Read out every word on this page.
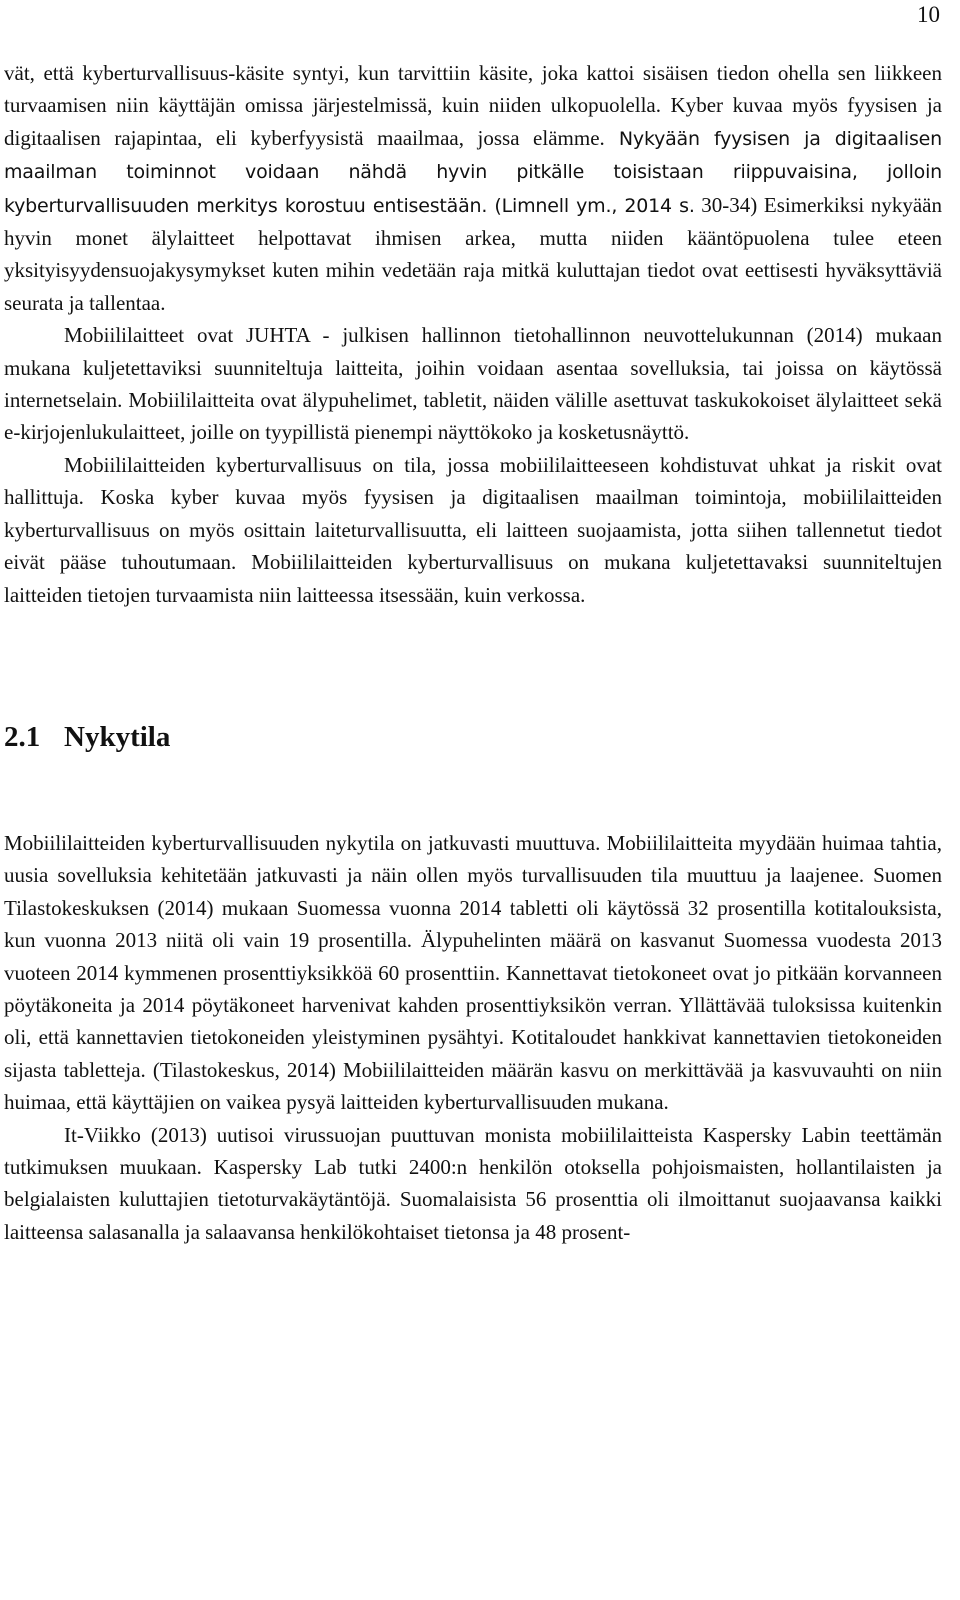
10

vät, että kyberturvallisuus-käsite syntyi, kun tarvittiin käsite, joka kattoi sisäisen tiedon ohella sen liikkeen turvaamisen niin käyttäjän omissa järjestelmissä, kuin niiden ulkopuolella. Kyber kuvaa myös fyysisen ja digitaalisen rajapintaa, eli kyberfyysistä maailmaa, jossa elämme. Nykyään fyysisen ja digitaalisen maailman toiminnot voidaan nähdä hyvin pitkälle toisistaan riippuvaisina, jolloin kyberturvallisuuden merkitys korostuu entisestään. (Limnell ym., 2014 s. 30-34) Esimerkiksi nykyään hyvin monet älylaitteet helpottavat ihmisen arkea, mutta niiden kääntöpuolena tulee eteen yksityisyydensuojakysymykset kuten mihin vedetään raja mitkä kuluttajan tiedot ovat eettisesti hyväksyttäviä seurata ja tallentaa.

Mobiililaitteet ovat JUHTA - julkisen hallinnon tietohallinnon neuvottelukunnan (2014) mukaan mukana kuljetettaviksi suunniteltuja laitteita, joihin voidaan asentaa sovelluksia, tai joissa on käytössä internetselain. Mobiililaitteita ovat älypuhelimet, tabletit, näiden välille asettuvat taskukokoiset älylaitteet sekä e-kirjojenlukulaitteet, joille on tyypillistä pienempi näyttökoko ja kosketusnäyttö.

Mobiililaitteiden kyberturvallisuus on tila, jossa mobiililaitteeseen kohdistuvat uhkat ja riskit ovat hallittuja. Koska kyber kuvaa myös fyysisen ja digitaalisen maailman toimintoja, mobiililaitteiden kyberturvallisuus on myös osittain laiteturvallisuutta, eli laitteen suojaamista, jotta siihen tallennetut tiedot eivät pääse tuhoutumaan. Mobiililaitteiden kyberturvallisuus on mukana kuljetettavaksi suunniteltujen laitteiden tietojen turvaamista niin laitteessa itsessään, kuin verkossa.

2.1 Nykytila

Mobiililaitteiden kyberturvallisuuden nykytila on jatkuvasti muuttuva. Mobiililaitteita myydään huimaa tahtia, uusia sovelluksia kehitetään jatkuvasti ja näin ollen myös turvallisuuden tila muuttuu ja laajenee. Suomen Tilastokeskuksen (2014) mukaan Suomessa vuonna 2014 tabletti oli käytössä 32 prosentilla kotitalouksista, kun vuonna 2013 niitä oli vain 19 prosentilla. Älypuhelinten määrä on kasvanut Suomessa vuodesta 2013 vuoteen 2014 kymmenen prosenttiyksikköä 60 prosenttiin. Kannettavat tietokoneet ovat jo pitkään korvanneen pöytäkoneita ja 2014 pöytäkoneet harvenivat kahden prosenttiyksikön verran. Yllättävää tuloksissa kuitenkin oli, että kannettavien tietokoneiden yleistyminen pysähtyi. Kotitaloudet hankkivat kannettavien tietokoneiden sijasta tabletteja. (Tilastokeskus, 2014) Mobiililaitteiden määrän kasvu on merkittävää ja kasvuvauhti on niin huimaa, että käyttäjien on vaikea pysyä laitteiden kyberturvallisuuden mukana.

It-Viikko (2013) uutisoi virussuojan puuttuvan monista mobiililaitteista Kaspersky Labin teettämän tutkimuksen muukaan. Kaspersky Lab tutki 2400:n henkilön otoksella pohjoismaisten, hollantilaisten ja belgialaisten kuluttajien tietoturvakäytäntöjä. Suomalaisista 56 prosenttia oli ilmoittanut suojaavansa kaikki laitteensa salasanalla ja salaavansa henkilökohtaiset tietonsa ja 48 prosent-
